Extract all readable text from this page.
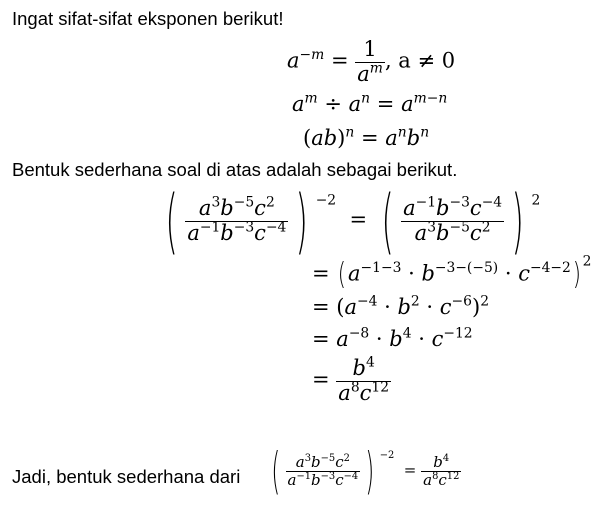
Ingat sifat-sifat eksponen berikut!
$a^{-m} = \frac{1}{a^m}$ , a ≠ 0
$a^m \div a^n = a^{m-n}$
$(ab)^n = a^nb^n$
Bentuk sederhana soal di atas adalah sebagai berikut.
( $\frac{a^3b^{-5}c^2}{a^{-1}b^{-3}c^{-4}}$ ) $^{-2}$  = ( $\frac{a^{-1}b^{-3}c^{-4}}{a^3b^{-5}c^2}$ ) $^2$
= $(a^{-1-3} \cdot b^{-3-(-5)} \cdot c^{-4-2})$ $^2$
= $(a^{-4} \cdot b^2 \cdot c^{-6})^2$
= $a^{-8} \cdot b^4 \cdot c^{-12}$
= $\frac{b^4}{a^8c^{12}}$
Jadi, bentuk sederhana dari ( $\frac{a^3b^{-5}c^2}{a^{-1}b^{-3}c^{-4}}$ ) $^{-2} = \frac{b^4}{a^8c^{12}}$
